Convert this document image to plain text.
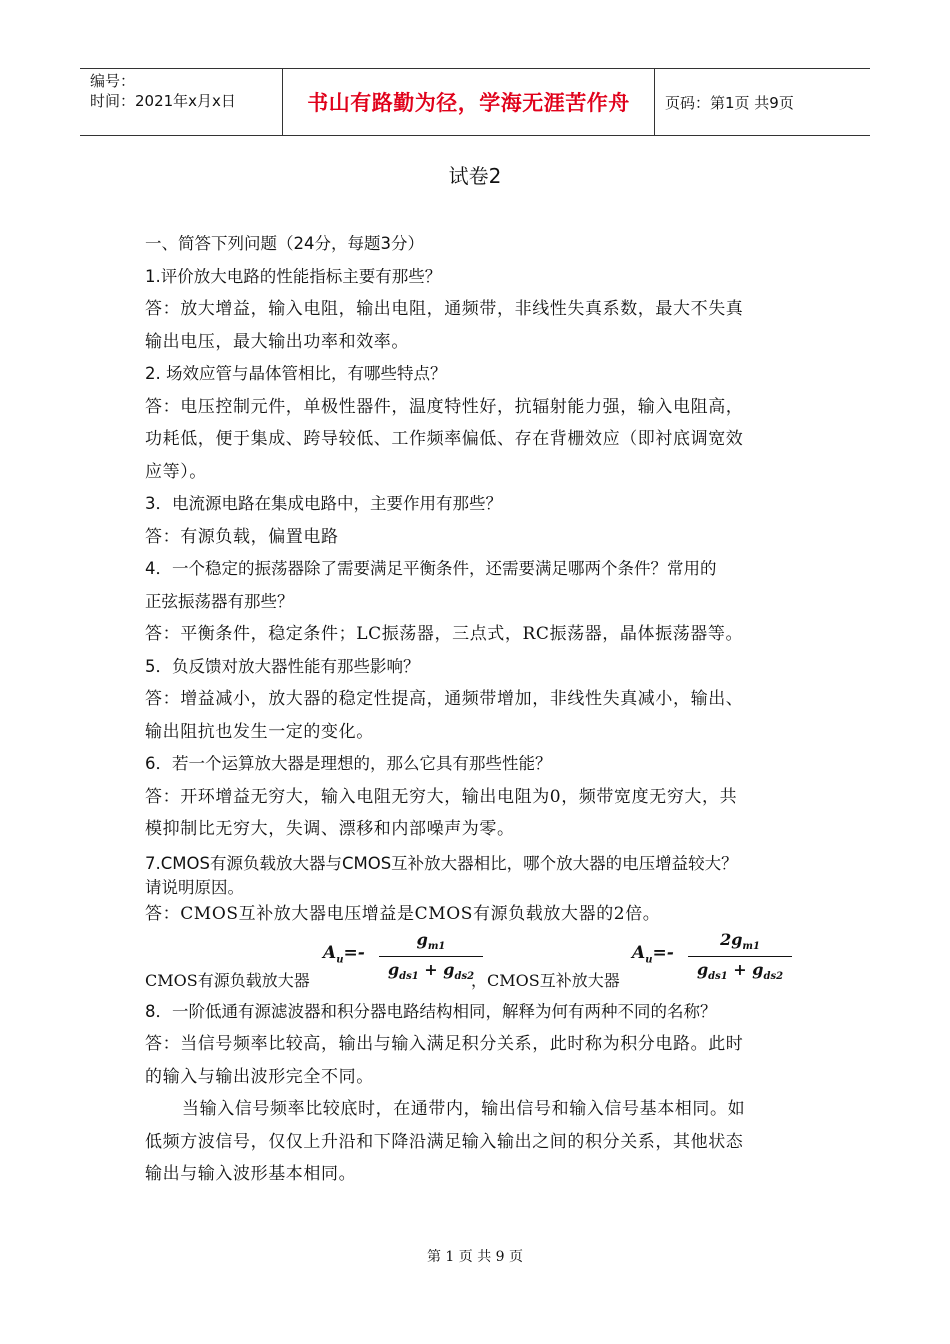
编号：
时间：2021年x月x日	书山有路勤为径，学海无涯苦作舟 页码：第1页 共9页
试卷2
一、简答下列问题（24分，每题3分）
1.评价放大电路的性能指标主要有那些？
答：放大增益，输入电阻，输出电阻，通频带，非线性失真系数，最大不失真
输出电压，最大输出功率和效率。
2. 场效应管与晶体管相比，有哪些特点？
答：电压控制元件，单极性器件，温度特性好，抗辐射能力强，输入电阻高，
功耗低，便于集成、跨导较低、工作频率偏低、存在背栅效应（即衬底调宽效
应等）。
3．电流源电路在集成电路中，主要作用有那些？
答：有源负载，偏置电路
4．一个稳定的振荡器除了需要满足平衡条件，还需要满足哪两个条件？常用的
正弦振荡器有那些？
答：平衡条件，稳定条件；LC振荡器，三点式，RC振荡器，晶体振荡器等。
5．负反馈对放大器性能有那些影响？
答：增益减小，放大器的稳定性提高，通频带增加，非线性失真减小，输出、
输出阻抗也发生一定的变化。
6．若一个运算放大器是理想的，那么它具有那些性能？
答：开环增益无穷大，输入电阻无穷大，输出电阻为0，频带宽度无穷大，共
模抑制比无穷大，失调、漂移和内部噪声为零。
7.CMOS有源负载放大器与CMOS互补放大器相比，哪个放大器的电压增益较大？
请说明原因。
答：CMOS互补放大器电压增益是CMOS有源负载放大器的2倍。
CMOS有源负载放大器
$A_u=-$
$g_{m1}$
$g_{ds1} + g_{ds2}$
， CMOS互补放大器
$A_u=-$
$2g_{m1}$
$g_{ds1} + g_{ds2}$
8．一阶低通有源滤波器和积分器电路结构相同，解释为何有两种不同的名称？
答：当信号频率比较高，输出与输入满足积分关系，此时称为积分电路。此时
的输入与输出波形完全不同。
当输入信号频率比较底时，在通带内，输出信号和输入信号基本相同。如
低频方波信号，仅仅上升沿和下降沿满足输入输出之间的积分关系，其他状态
输出与输入波形基本相同。
第 1 页 共 9 页
